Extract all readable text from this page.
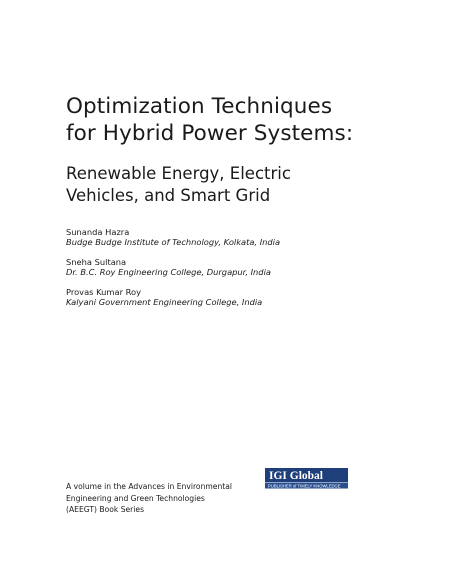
Optimization Techniques
for Hybrid Power Systems:
Renewable Energy, Electric
Vehicles, and Smart Grid
Sunanda Hazra
Budge Budge Institute of Technology, Kolkata, India
Sneha Sultana
Dr. B.C. Roy Engineering College, Durgapur, India
Provas Kumar Roy
Kalyani Government Engineering College, India
A volume in the Advances in Environmental
Engineering and Green Technologies
(AEEGT) Book Series
IGI Global
PUBLISHER of TIMELY KNOWLEDGE
